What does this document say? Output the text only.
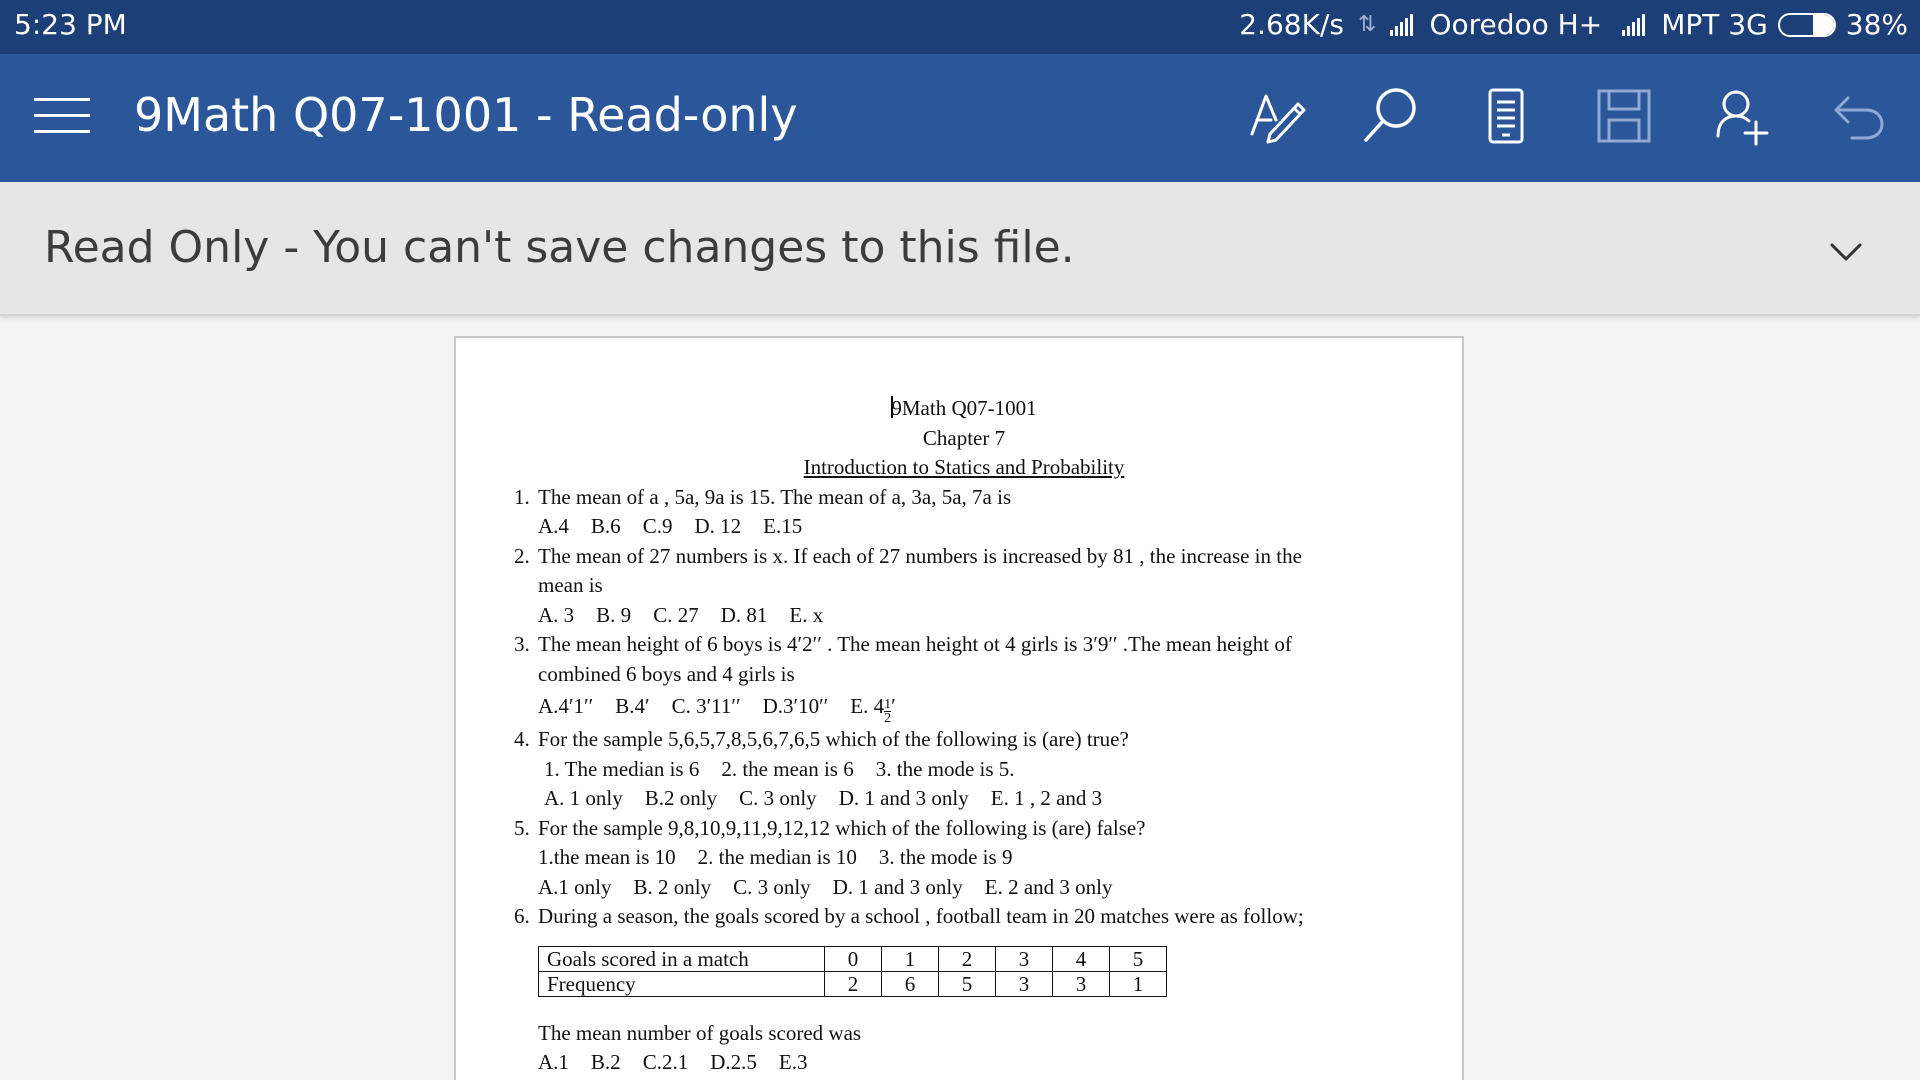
5:23 PM	2.68K/s ⇅ Ooredoo H+ MPT 3G	38%
9Math Q07-1001 - Read-only
Read Only - You can't save changes to this file.
9Math Q07-1001
Chapter 7
Introduction to Statics and Probability
1. The mean of a , 5a, 9a is 15. The mean of a, 3a, 5a, 7a is
A.4 B.6 C.9 D. 12 E.15
2. The mean of 27 numbers is x. If each of 27 numbers is increased by 81 , the increase in the
mean is
A. 3 B. 9 C. 27 D. 81 E. x
3. The mean height of 6 boys is 4′2′′ . The mean height ot 4 girls is 3′9′′ .The mean height of
combined 6 boys and 4 girls is
A.4′1′′ B.4′ C. 3′11′′ D.3′10′′ E. $4 \frac{1}{2}$ ′
4. For the sample 5,6,5,7,8,5,6,7,6,5 which of the following is (are) true?
1. The median is 6 2. the mean is 6 3. the mode is 5.
A. 1 only B.2 only C. 3 only D. 1 and 3 only E. 1 , 2 and 3
5. For the sample 9,8,10,9,11,9,12,12 which of the following is (are) false?
1.the mean is 10 2. the median is 10 3. the mode is 9
A.1 only B. 2 only C. 3 only D. 1 and 3 only E. 2 and 3 only
6. During a season, the goals scored by a school , football team in 20 matches were as follow;
Goals scored in a match	0	1	2	3	4	5
Frequency	2	6	5	3	3	1
The mean number of goals scored was
A.1 B.2 C.2.1 D.2.5 E.3
